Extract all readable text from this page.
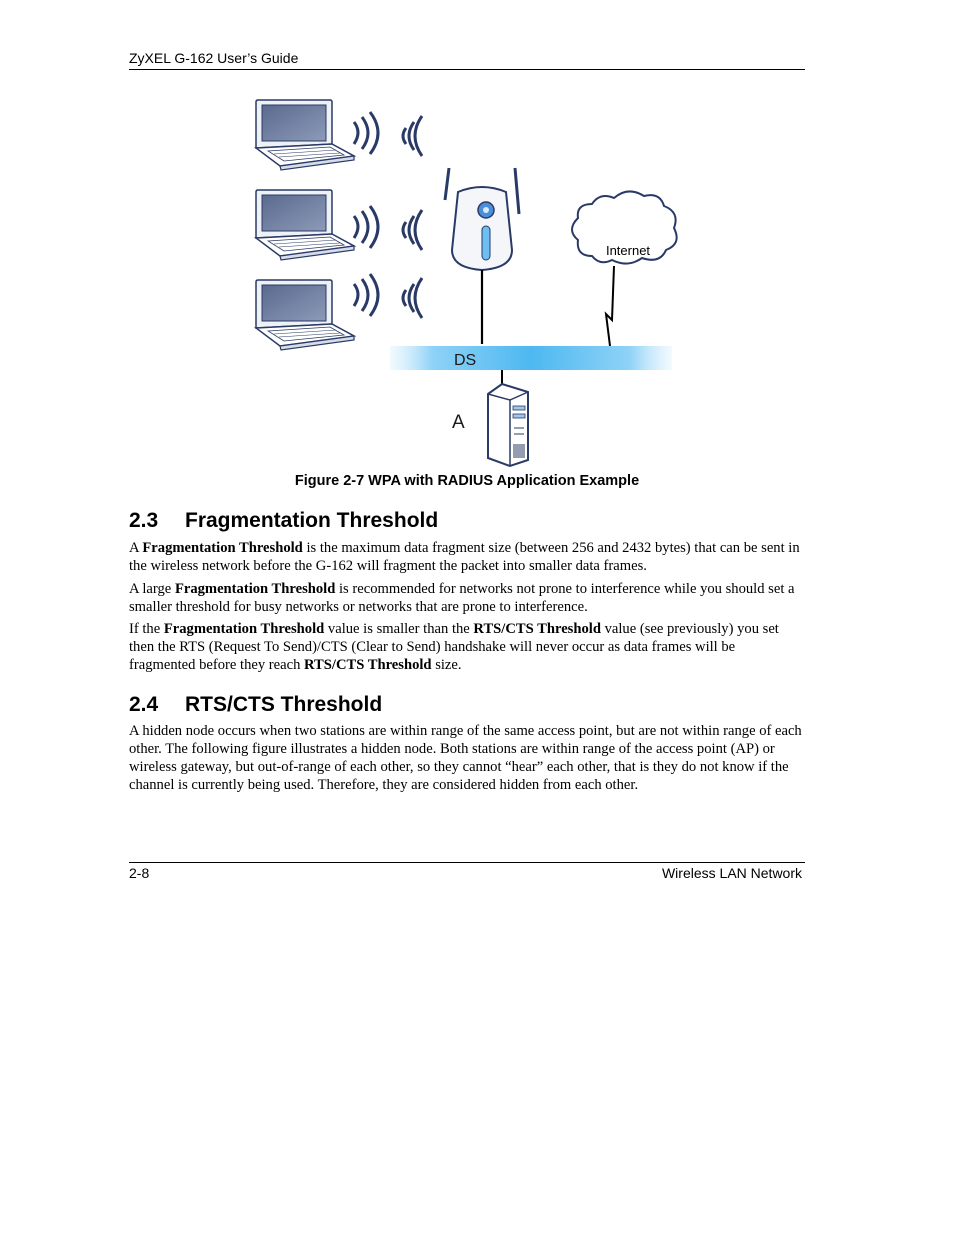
ZyXEL G-162 User’s Guide
Internet
DS
A
Figure 2-7 WPA with RADIUS Application Example
2.3 Fragmentation Threshold

A Fragmentation Threshold is the maximum data fragment size (between 256 and 2432 bytes) that can be sent in the wireless network before the G-162 will fragment the packet into smaller data frames.

A large Fragmentation Threshold is recommended for networks not prone to interference while you should set a smaller threshold for busy networks or networks that are prone to interference.

If the Fragmentation Threshold value is smaller than the RTS/CTS Threshold value (see previously) you set then the RTS (Request To Send)/CTS (Clear to Send) handshake will never occur as data frames will be fragmented before they reach RTS/CTS Threshold size.

2.4 RTS/CTS Threshold

A hidden node occurs when two stations are within range of the same access point, but are not within range of each other. The following figure illustrates a hidden node. Both stations are within range of the access point (AP) or wireless gateway, but out-of-range of each other, so they cannot “hear” each other, that is they do not know if the channel is currently being used. Therefore, they are considered hidden from each other.

2-8	Wireless LAN Network
